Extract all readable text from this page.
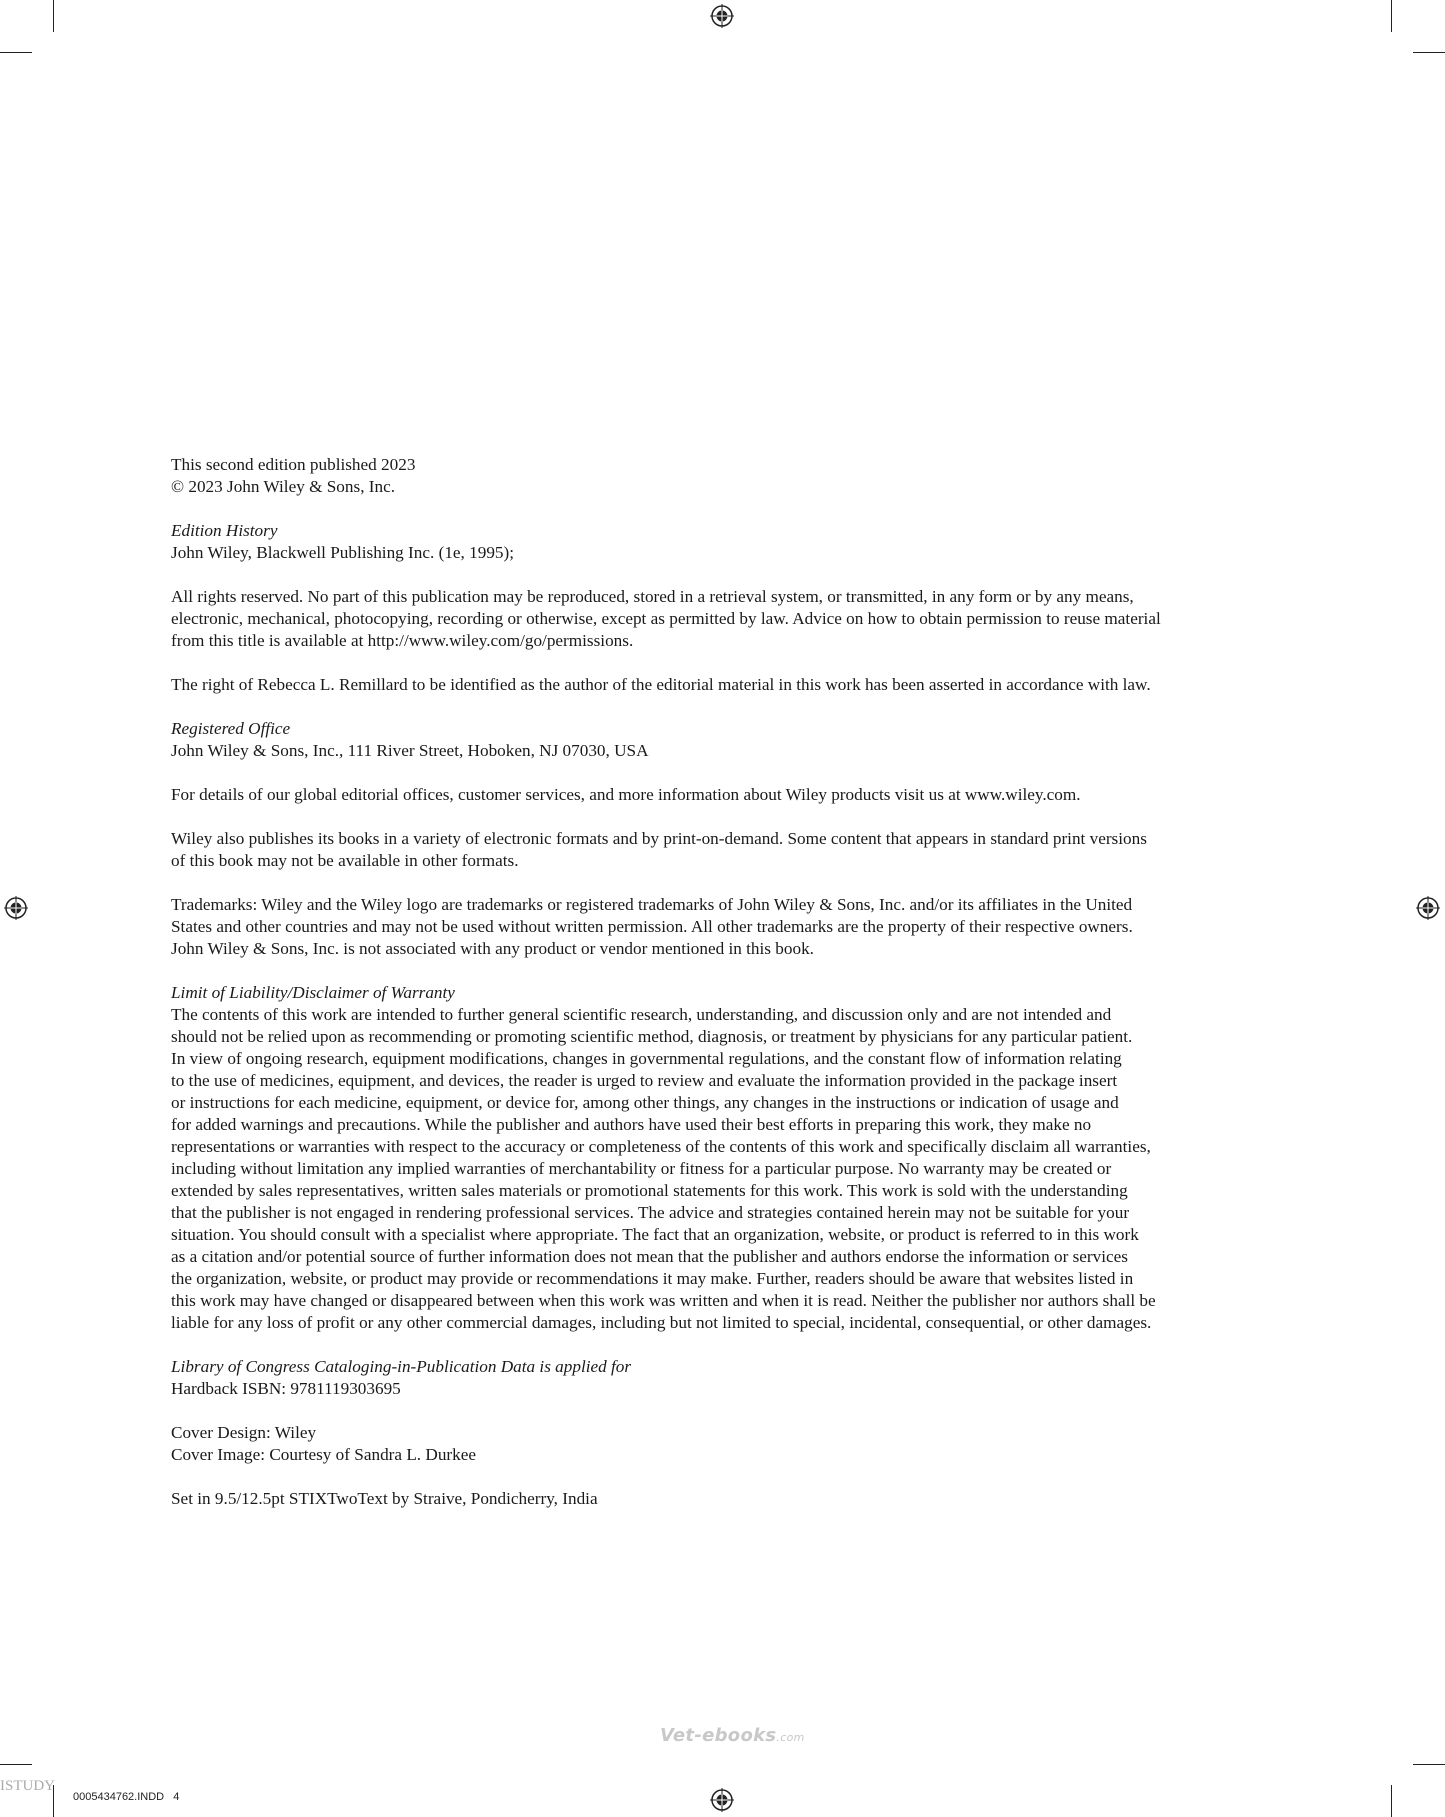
This second edition published 2023
© 2023 John Wiley & Sons, Inc.

Edition History
John Wiley, Blackwell Publishing Inc. (1e, 1995);

All rights reserved. No part of this publication may be reproduced, stored in a retrieval system, or transmitted, in any form or by any means,
electronic, mechanical, photocopying, recording or otherwise, except as permitted by law. Advice on how to obtain permission to reuse material
from this title is available at http://www.wiley.com/go/permissions.

The right of Rebecca L. Remillard to be identified as the author of the editorial material in this work has been asserted in accordance with law.

Registered Office
John Wiley & Sons, Inc., 111 River Street, Hoboken, NJ 07030, USA

For details of our global editorial offices, customer services, and more information about Wiley products visit us at www.wiley.com.

Wiley also publishes its books in a variety of electronic formats and by print-on-demand. Some content that appears in standard print versions
of this book may not be available in other formats.

Trademarks: Wiley and the Wiley logo are trademarks or registered trademarks of John Wiley & Sons, Inc. and/or its affiliates in the United
States and other countries and may not be used without written permission. All other trademarks are the property of their respective owners.
John Wiley & Sons, Inc. is not associated with any product or vendor mentioned in this book.

Limit of Liability/Disclaimer of Warranty
The contents of this work are intended to further general scientific research, understanding, and discussion only and are not intended and
should not be relied upon as recommending or promoting scientific method, diagnosis, or treatment by physicians for any particular patient.
In view of ongoing research, equipment modifications, changes in governmental regulations, and the constant flow of information relating
to the use of medicines, equipment, and devices, the reader is urged to review and evaluate the information provided in the package insert
or instructions for each medicine, equipment, or device for, among other things, any changes in the instructions or indication of usage and
for added warnings and precautions. While the publisher and authors have used their best efforts in preparing this work, they make no
representations or warranties with respect to the accuracy or completeness of the contents of this work and specifically disclaim all warranties,
including without limitation any implied warranties of merchantability or fitness for a particular purpose. No warranty may be created or
extended by sales representatives, written sales materials or promotional statements for this work. This work is sold with the understanding
that the publisher is not engaged in rendering professional services. The advice and strategies contained herein may not be suitable for your
situation. You should consult with a specialist where appropriate. The fact that an organization, website, or product is referred to in this work
as a citation and/or potential source of further information does not mean that the publisher and authors endorse the information or services
the organization, website, or product may provide or recommendations it may make. Further, readers should be aware that websites listed in
this work may have changed or disappeared between when this work was written and when it is read. Neither the publisher nor authors shall be
liable for any loss of profit or any other commercial damages, including but not limited to special, incidental, consequential, or other damages.

Library of Congress Cataloging-in-Publication Data is applied for
Hardback ISBN: 9781119303695

Cover Design: Wiley
Cover Image: Courtesy of Sandra L. Durkee

Set in 9.5/12.5pt STIXTwoText by Straive, Pondicherry, India

Vet-ebooks.com
0005434762.INDD   4
ISTUDY
